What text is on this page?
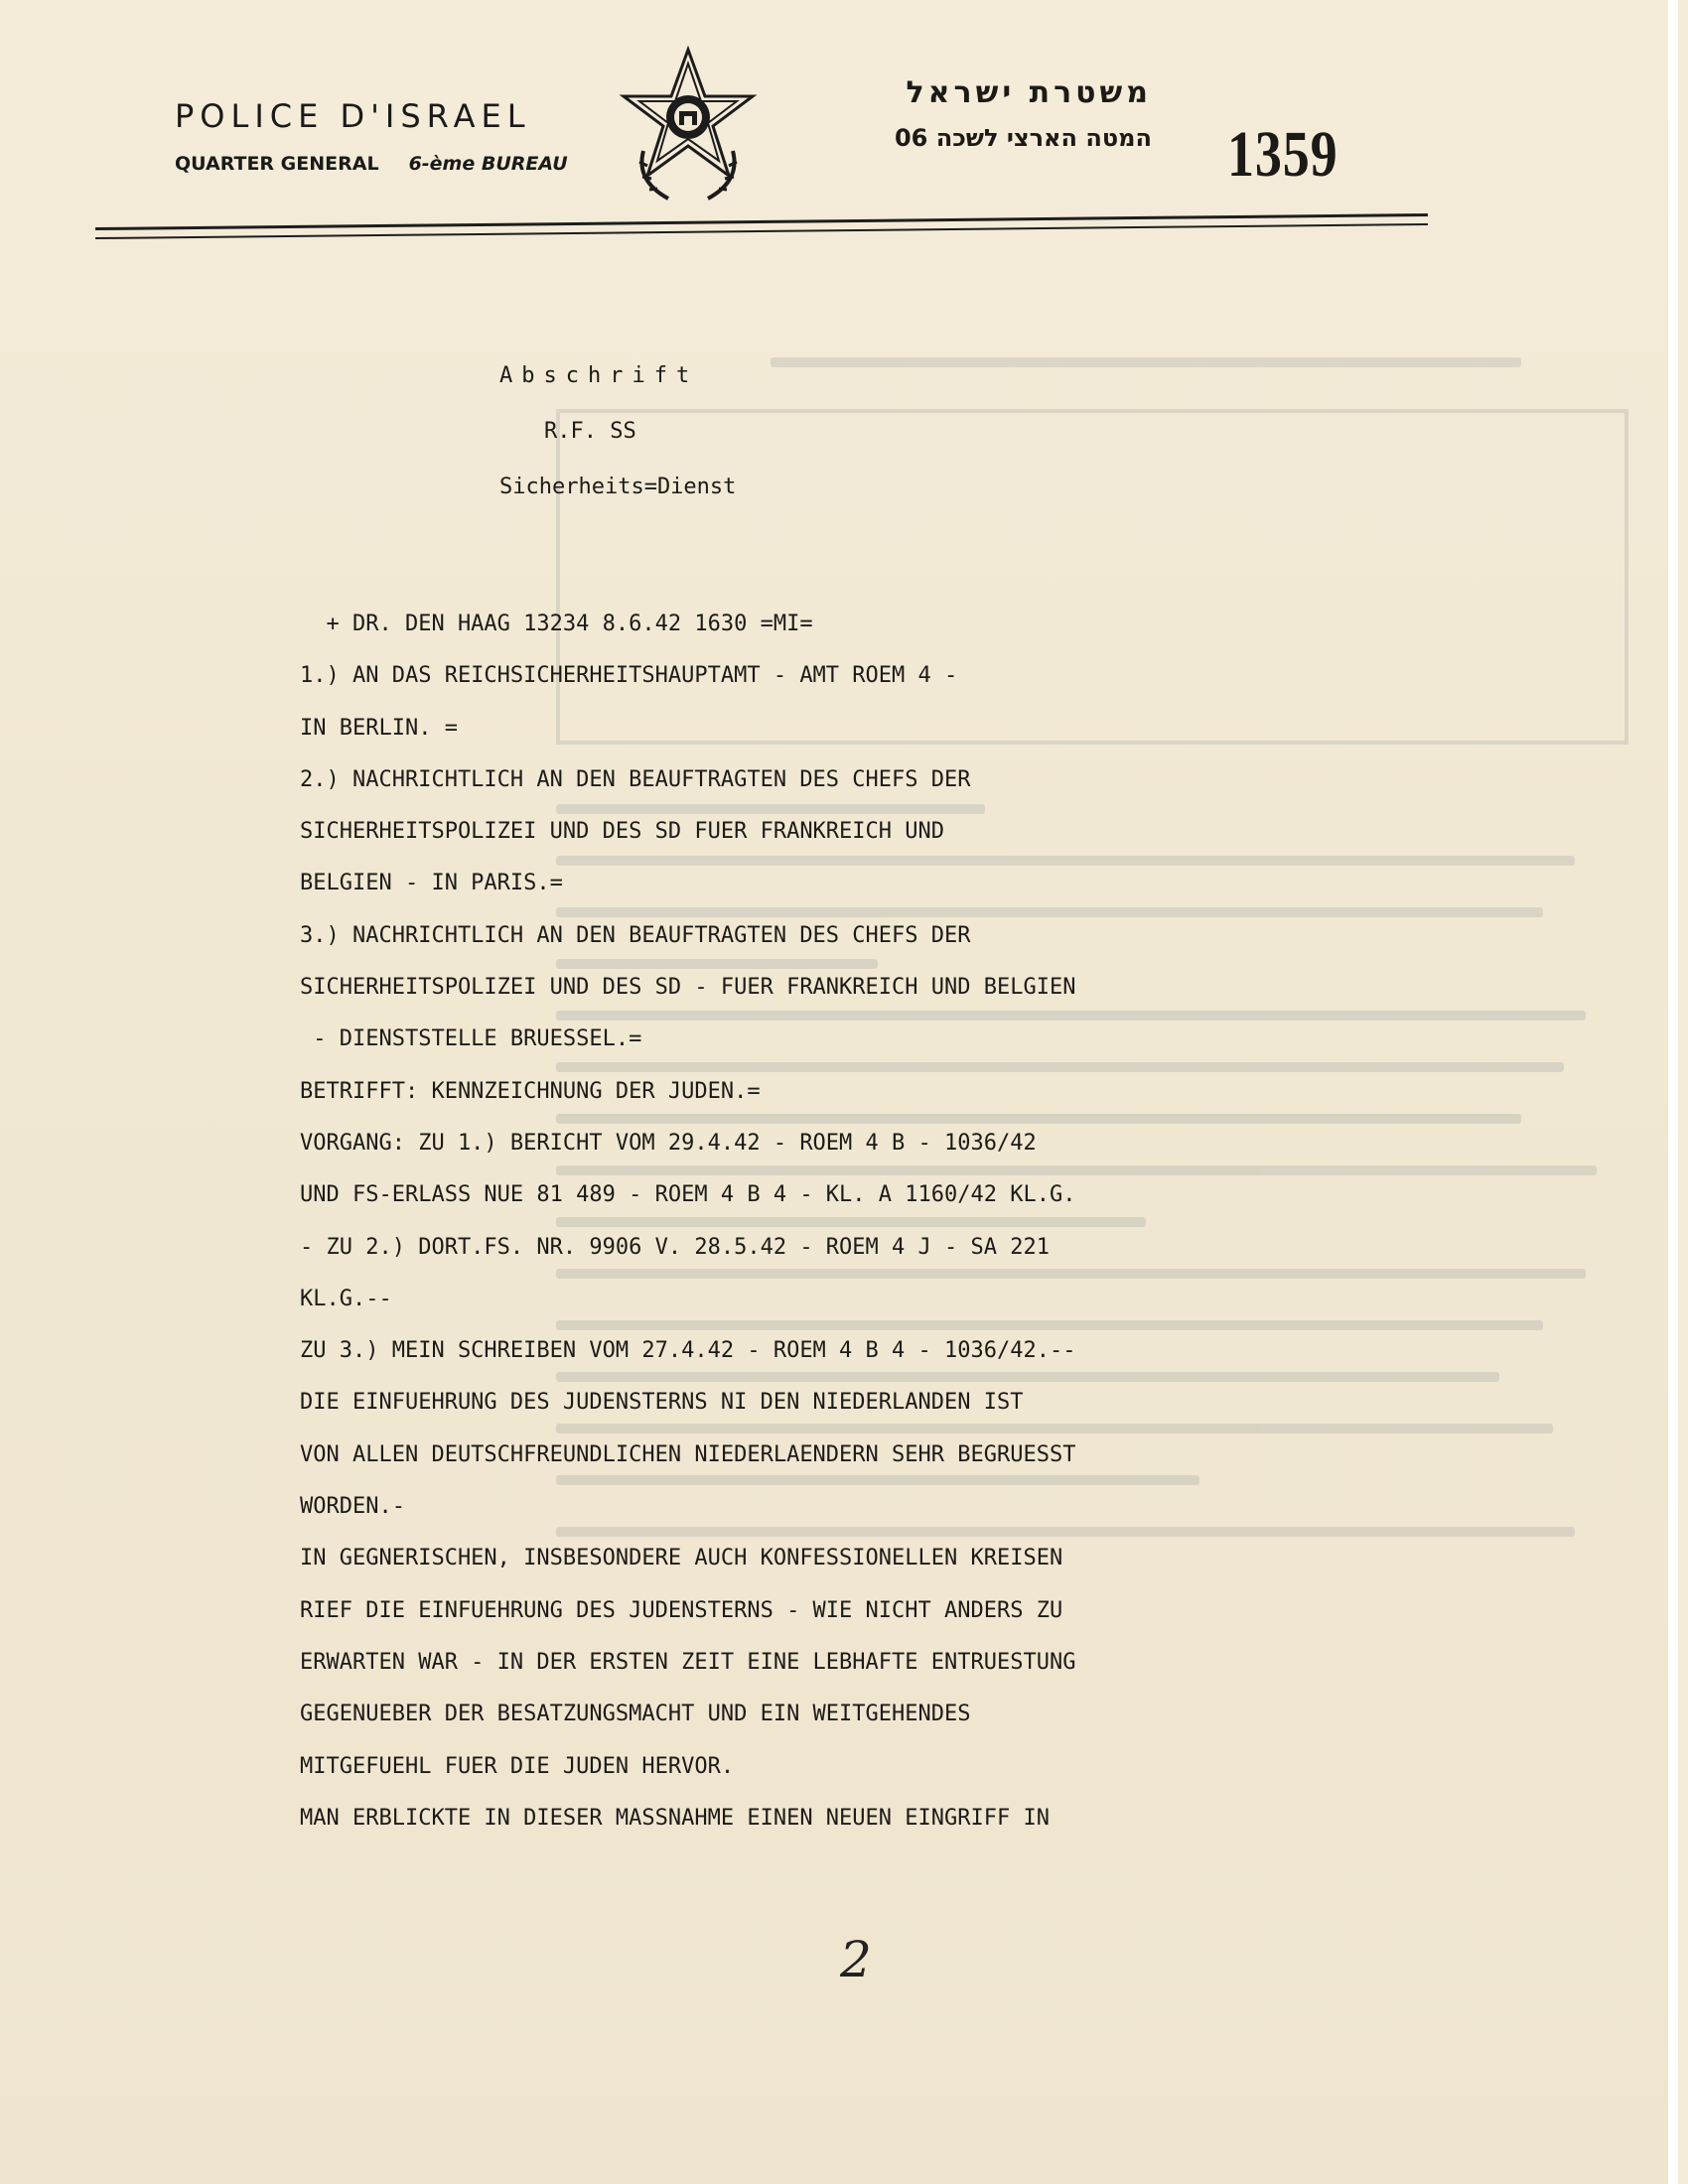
POLICE D'ISRAEL
QUARTER GENERAL 6-ème BUREAU
משטרת ישראל
המטה הארצי לשכה 06 1359
Abschrift
R.F. SS
Sicherheits=Dienst
+ DR. DEN HAAG 13234 8.6.42 1630 =MI=
1.) AN DAS REICHSICHERHEITSHAUPTAMT - AMT ROEM 4 -
IN BERLIN. =
2.) NACHRICHTLICH AN DEN BEAUFTRAGTEN DES CHEFS DER
SICHERHEITSPOLIZEI UND DES SD FUER FRANKREICH UND
BELGIEN - IN PARIS.=
3.) NACHRICHTLICH AN DEN BEAUFTRAGTEN DES CHEFS DER
SICHERHEITSPOLIZEI UND DES SD - FUER FRANKREICH UND BELGIEN
- DIENSTSTELLE BRUESSEL.=
BETRIFFT: KENNZEICHNUNG DER JUDEN.=
VORGANG: ZU 1.) BERICHT VOM 29.4.42 - ROEM 4 B - 1036/42
UND FS-ERLASS NUE 81 489 - ROEM 4 B 4 - KL. A 1160/42 KL.G.
- ZU 2.) DORT.FS. NR. 9906 V. 28.5.42 - ROEM 4 J - SA 221
KL.G.--
ZU 3.) MEIN SCHREIBEN VOM 27.4.42 - ROEM 4 B 4 - 1036/42.--
DIE EINFUEHRUNG DES JUDENSTERNS NI DEN NIEDERLANDEN IST
VON ALLEN DEUTSCHFREUNDLICHEN NIEDERLAENDERN SEHR BEGRUESST
WORDEN.-
IN GEGNERISCHEN, INSBESONDERE AUCH KONFESSIONELLEN KREISEN
RIEF DIE EINFUEHRUNG DES JUDENSTERNS - WIE NICHT ANDERS ZU
ERWARTEN WAR - IN DER ERSTEN ZEIT EINE LEBHAFTE ENTRUESTUNG
GEGENUEBER DER BESATZUNGSMACHT UND EIN WEITGEHENDES
MITGEFUEHL FUER DIE JUDEN HERVOR.
MAN ERBLICKTE IN DIESER MASSNAHME EINEN NEUEN EINGRIFF IN
2
